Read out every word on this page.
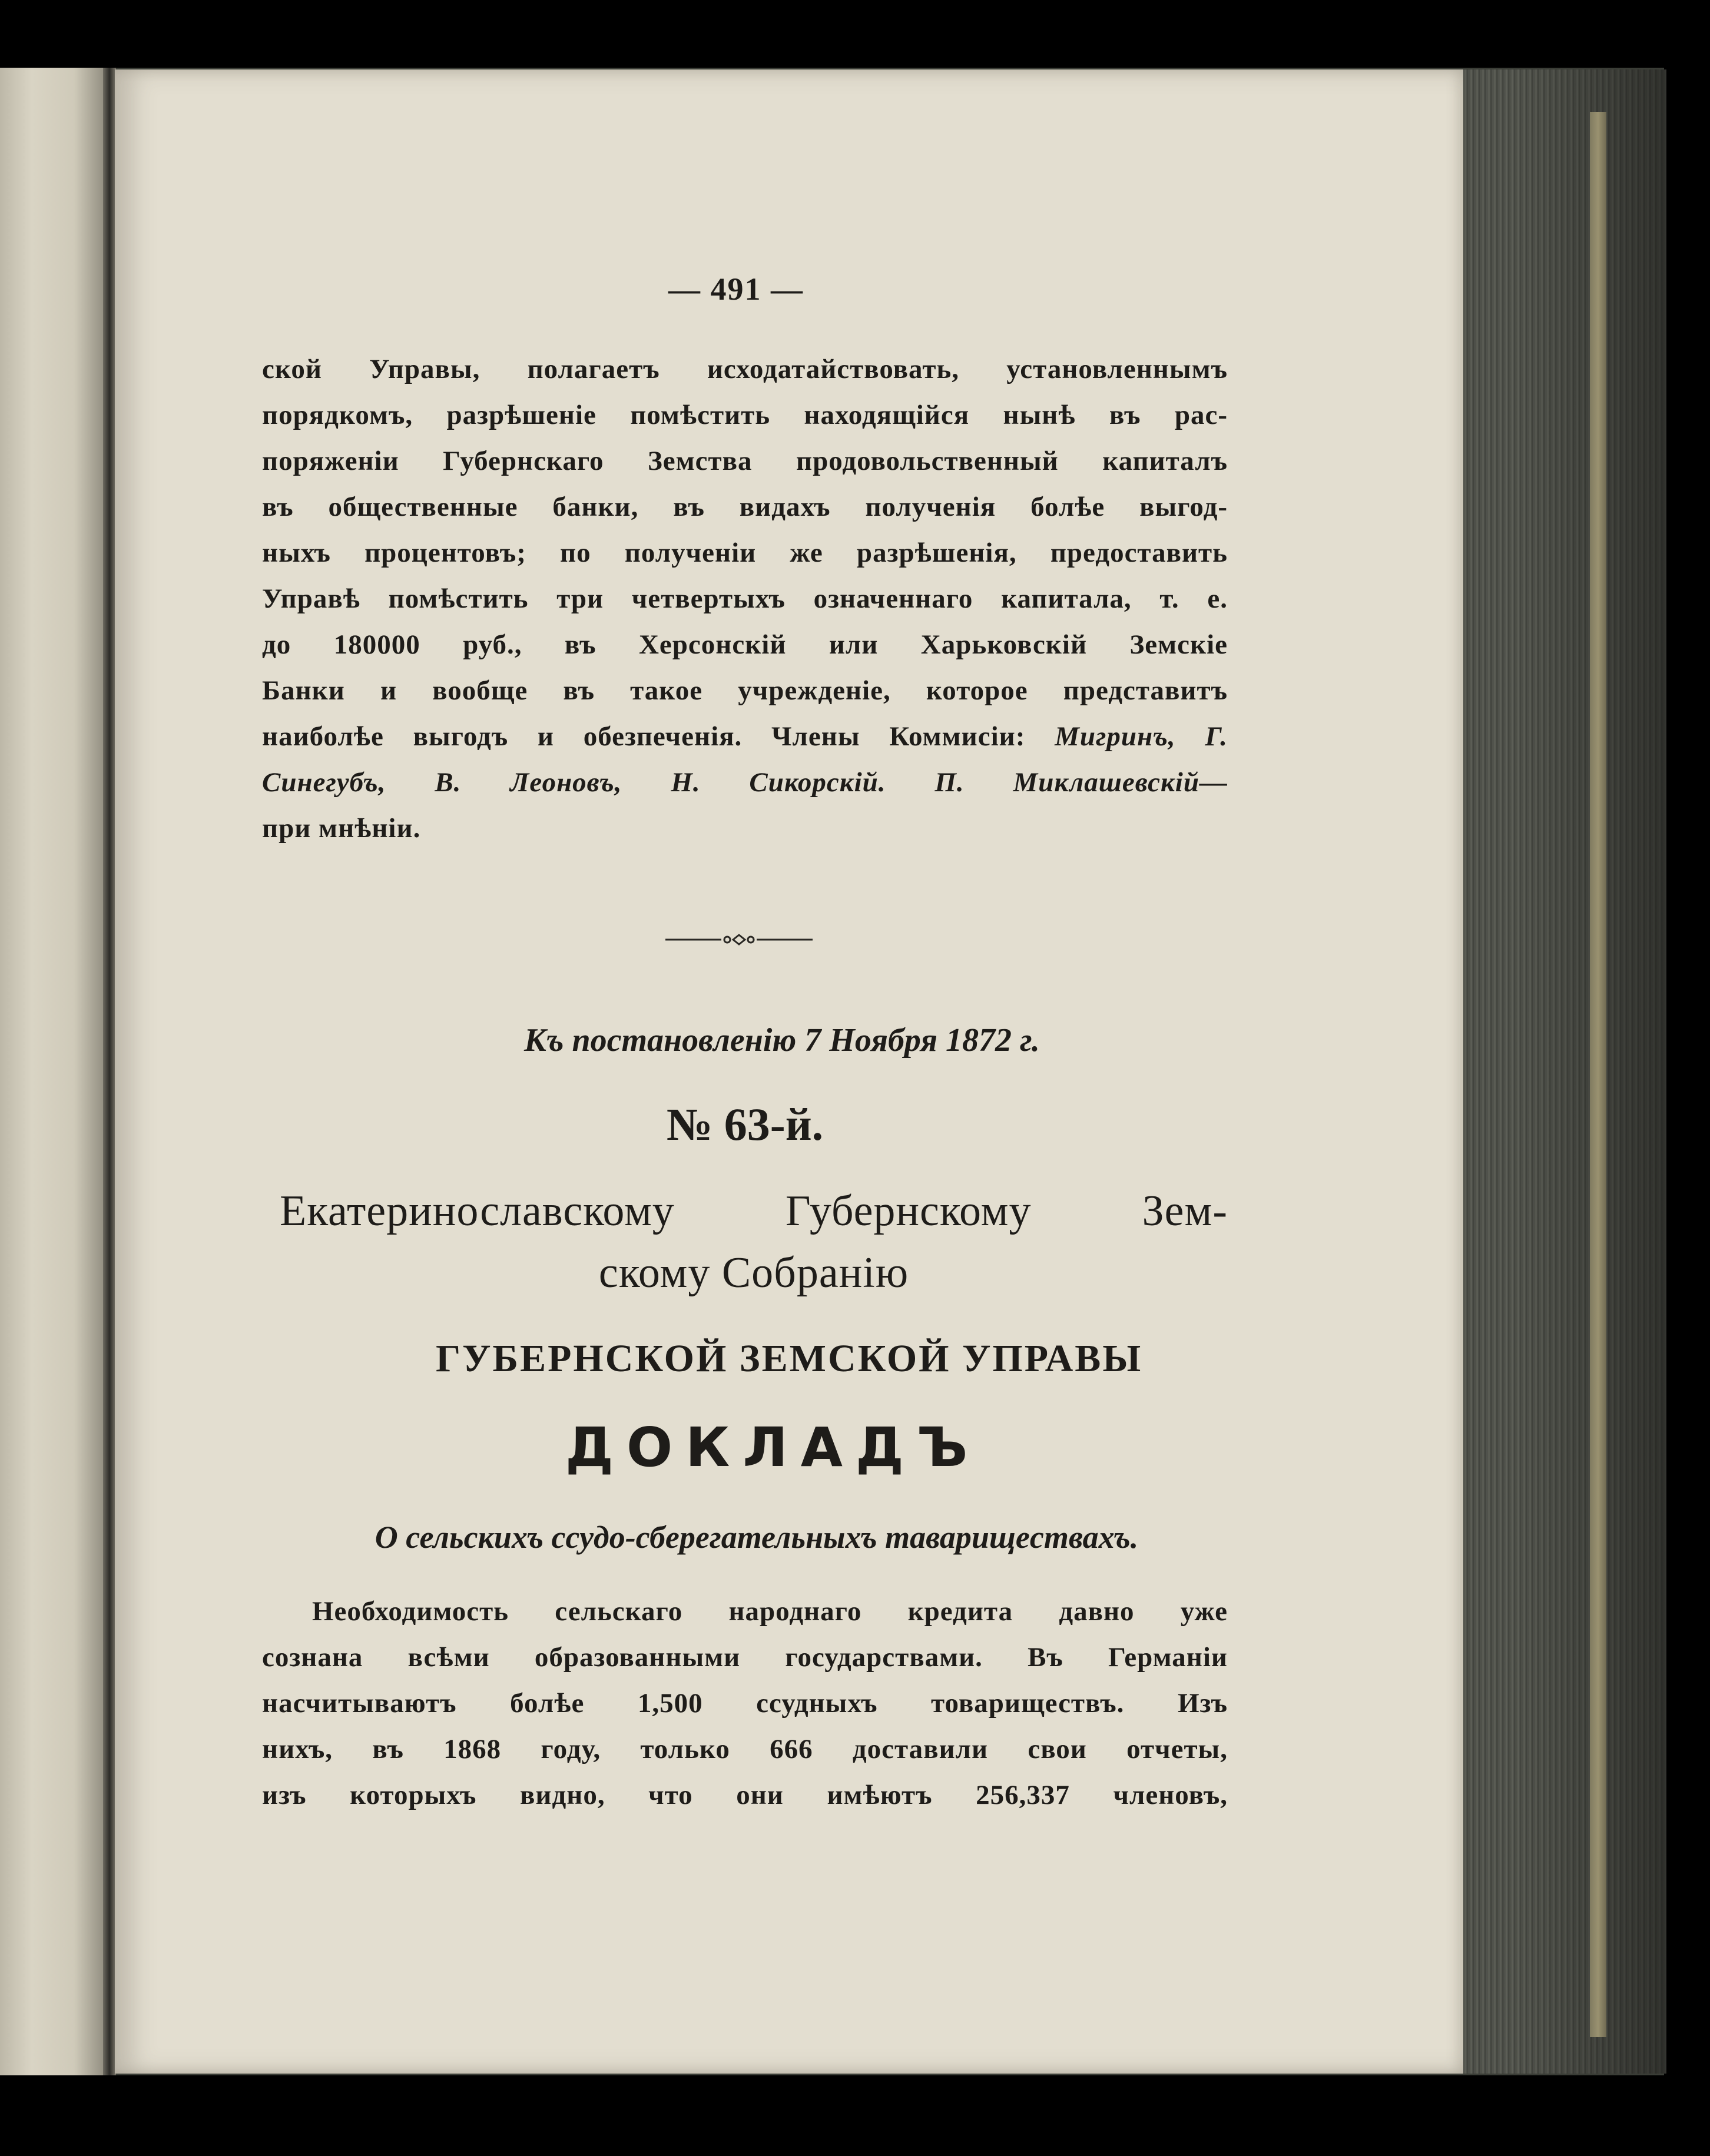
— 491 —
ской Управы, полагаетъ исходатайствовать, установленнымъ
порядкомъ, разрѣшеніе помѣстить находящійся нынѣ въ рас-
поряженіи Губернскаго Земства продовольственный капиталъ
въ общественные банки, въ видахъ полученія болѣе выгод-
ныхъ процентовъ; по полученіи же разрѣшенія, предоставить
Управѣ помѣстить три четвертыхъ означеннаго капитала, т. е.
до 180000 руб., въ Херсонскій или Харьковскій Земскіе
Банки и вообще въ такое учрежденіе, которое представитъ
наиболѣе выгодъ и обезпеченія. Члены Коммисіи: Мигринъ, Г.
Синегубъ, В. Леоновъ, Н. Сикорскій. П. Миклашевскій—
при мнѣніи.
Къ постановленію 7 Ноября 1872 г.
№ 63-й.
Екатеринославскому Губернскому Зем-
скому Собранію
ГУБЕРНСКОЙ ЗЕМСКОЙ УПРАВЫ
ДОКЛАДЪ
О сельскихъ ссудо-сберегательныхъ таварищеcтвахъ.
Необходимость сельскаго народнаго кредита давно уже
сознана всѣми образованными государствами. Въ Германіи
насчитываютъ болѣе 1,500 ссудныхъ товариществъ. Изъ
нихъ, въ 1868 году, только 666 доставили свои отчеты,
изъ которыхъ видно, что они имѣютъ 256,337 членовъ,
